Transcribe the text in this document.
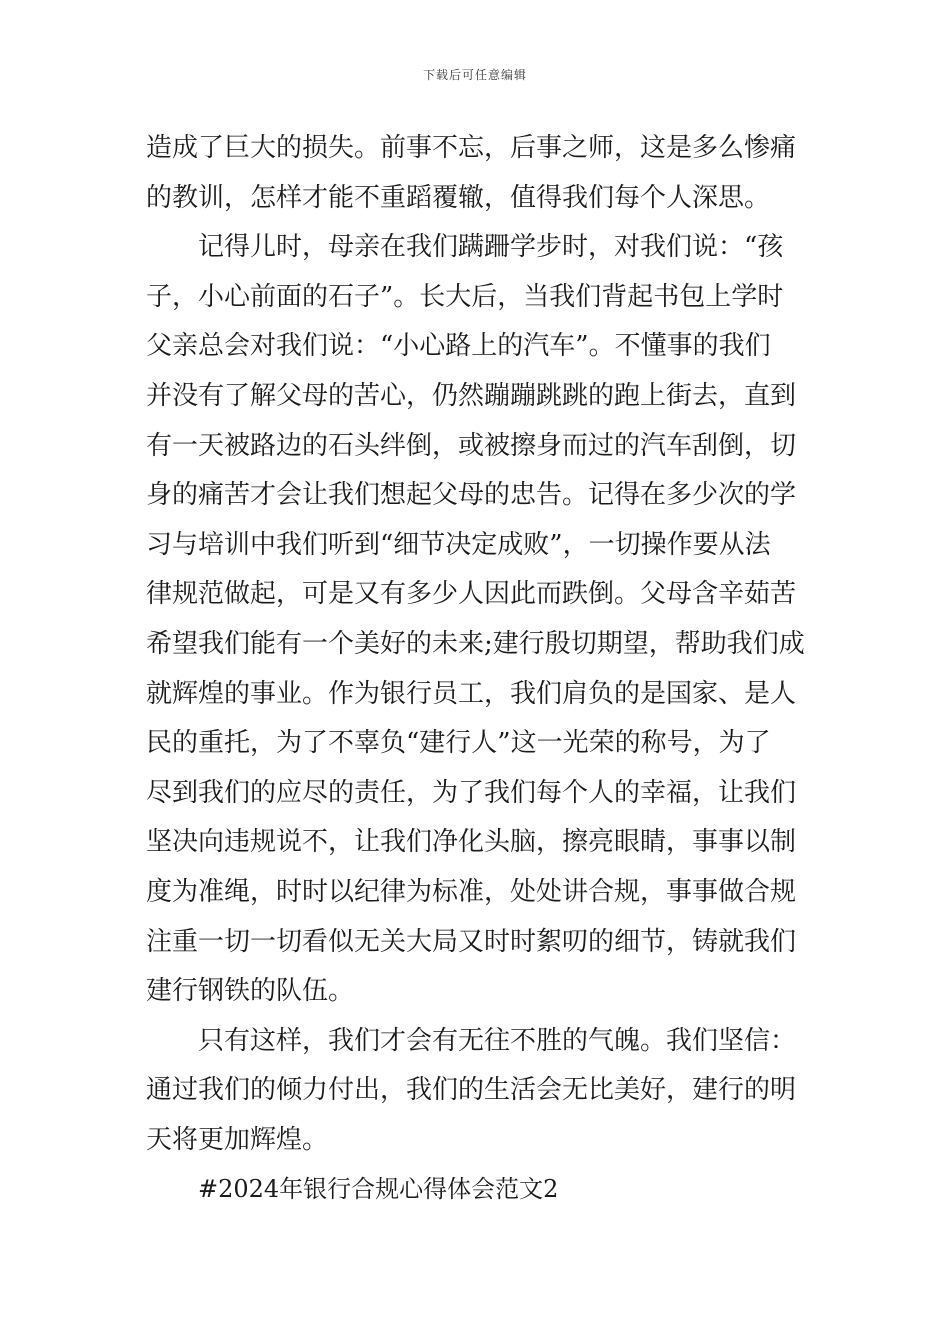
下载后可任意编辑
造成了巨大的损失。前事不忘，后事之师，这是多么惨痛
的教训，怎样才能不重蹈覆辙，值得我们每个人深思。
记得儿时，母亲在我们蹒跚学步时，对我们说：“孩
子，小心前面的石子”。长大后，当我们背起书包上学时
父亲总会对我们说：“小心路上的汽车”。不懂事的我们
并没有了解父母的苦心，仍然蹦蹦跳跳的跑上街去，直到
有一天被路边的石头绊倒，或被擦身而过的汽车刮倒，切
身的痛苦才会让我们想起父母的忠告。记得在多少次的学
习与培训中我们听到“细节决定成败”，一切操作要从法
律规范做起，可是又有多少人因此而跌倒。父母含辛茹苦
希望我们能有一个美好的未来;建行殷切期望，帮助我们成
就辉煌的事业。作为银行员工，我们肩负的是国家、是人
民的重托，为了不辜负“建行人”这一光荣的称号，为了
尽到我们的应尽的责任，为了我们每个人的幸福，让我们
坚决向违规说不，让我们净化头脑，擦亮眼睛，事事以制
度为准绳，时时以纪律为标准，处处讲合规，事事做合规
注重一切一切看似无关大局又时时絮叨的细节，铸就我们
建行钢铁的队伍。
只有这样，我们才会有无往不胜的气魄。我们坚信：
通过我们的倾力付出，我们的生活会无比美好，建行的明
天将更加辉煌。
#2024年银行合规心得体会范文2
